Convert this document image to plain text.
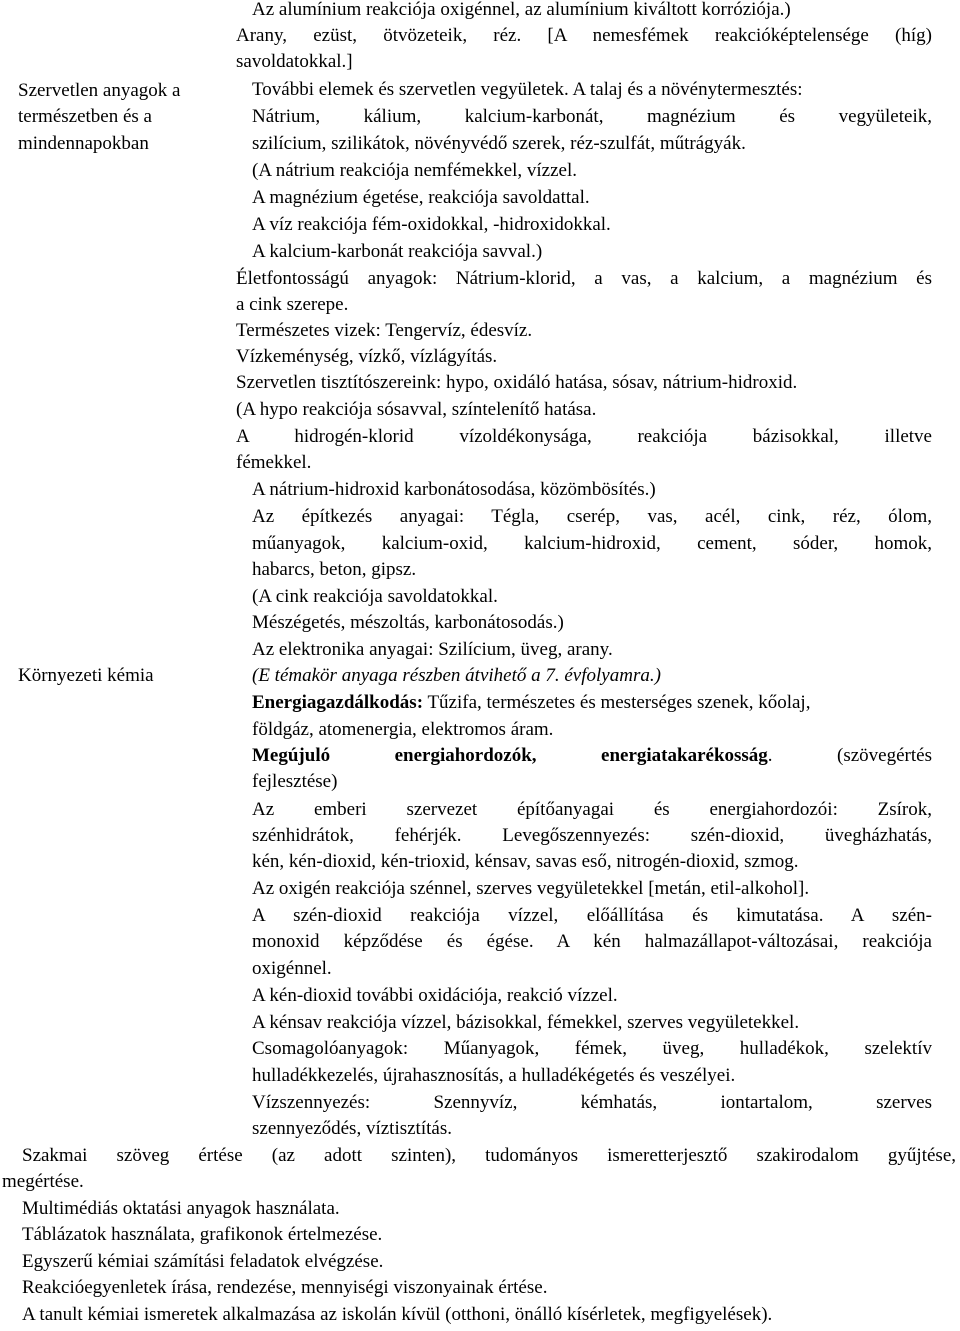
Szervetlen anyagok a
természetben és a
mindennapokban
Környezeti kémia
Az alumínium reakciója oxigénnel, az alumínium kiváltott korróziója.)
Arany, ezüst, ötvözeteik, réz. [A nemesfémek reakcióképtelensége (híg)
savoldatokkal.]
További elemek és szervetlen vegyületek. A talaj és a növénytermesztés:
Nátrium, kálium, kalcium-karbonát, magnézium és vegyületeik,
szilícium, szilikátok, növényvédő szerek, réz-szulfát, műtrágyák.
(A nátrium reakciója nemfémekkel, vízzel.
A magnézium égetése, reakciója savoldattal.
A víz reakciója fém-oxidokkal, -hidroxidokkal.
A kalcium-karbonát reakciója savval.)
Életfontosságú anyagok: Nátrium-klorid, a vas, a kalcium, a magnézium és
a cink szerepe.
Természetes vizek: Tengervíz, édesvíz.
Vízkeménység, vízkő, vízlágyítás.
Szervetlen tisztítószereink: hypo, oxidáló hatása, sósav, nátrium-hidroxid.
(A hypo reakciója sósavval, színtelenítő hatása.
A hidrogén-klorid vízoldékonysága, reakciója bázisokkal, illetve
fémekkel.
A nátrium-hidroxid karbonátosodása, közömbösítés.)
Az építkezés anyagai: Tégla, cserép, vas, acél, cink, réz, ólom,
műanyagok, kalcium-oxid, kalcium-hidroxid, cement, sóder, homok,
habarcs, beton, gipsz.
(A cink reakciója savoldatokkal.
Mészégetés, mészoltás, karbonátosodás.)
Az elektronika anyagai: Szilícium, üveg, arany.
(E témakör anyaga részben átvihető a 7. évfolyamra.)
Energiagazdálkodás: Tűzifa, természetes és mesterséges szenek, kőolaj,
földgáz, atomenergia, elektromos áram.
Megújuló energiahordozók, energiatakarékosság. (szövegértés
fejlesztése)
Az emberi szervezet építőanyagai és energiahordozói: Zsírok,
szénhidrátok, fehérjék. Levegőszennyezés: szén-dioxid, üvegházhatás,
kén, kén-dioxid, kén-trioxid, kénsav, savas eső, nitrogén-dioxid, szmog.
Az oxigén reakciója szénnel, szerves vegyületekkel [metán, etil-alkohol].
A szén-dioxid reakciója vízzel, előállítása és kimutatása. A szén-
monoxid képződése és égése. A kén halmazállapot-változásai, reakciója
oxigénnel.
A kén-dioxid további oxidációja, reakció vízzel.
A kénsav reakciója vízzel, bázisokkal, fémekkel, szerves vegyületekkel.
Csomagolóanyagok: Műanyagok, fémek, üveg, hulladékok, szelektív
hulladékkezelés, újrahasznosítás, a hulladékégetés és veszélyei.
Vízszennyezés: Szennyvíz, kémhatás, iontartalom, szerves
szennyeződés, víztisztítás.
Szakmai szöveg értése (az adott szinten), tudományos ismeretterjesztő szakirodalom gyűjtése,
megértése.
Multimédiás oktatási anyagok használata.
Táblázatok használata, grafikonok értelmezése.
Egyszerű kémiai számítási feladatok elvégzése.
Reakcióegyenletek írása, rendezése, mennyiségi viszonyainak értése.
A tanult kémiai ismeretek alkalmazása az iskolán kívül (otthoni, önálló kísérletek, megfigyelések).
